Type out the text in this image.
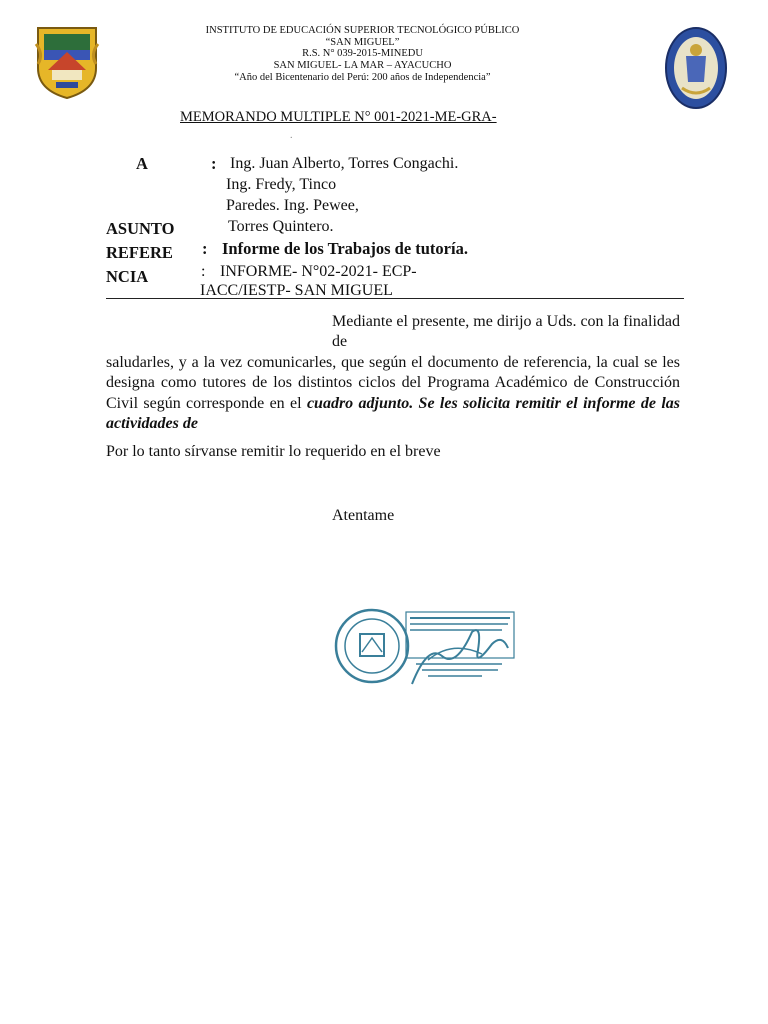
INSTITUTO DE EDUCACIÓN SUPERIOR TECNOLÓGICO PÚBLICO
“SAN MIGUEL”
R.S. N° 039-2015-MINEDU
SAN MIGUEL- LA MAR – AYACUCHO
“Año del Bicentenario del Perú: 200 años de Independencia”
MEMORANDO MULTIPLE N° 001-2021-ME-GRA-
.
A	: Ing. Juan Alberto, Torres Congachi.
Ing. Fredy, Tinco
Paredes. Ing. Pewee,
Torres Quintero.
ASUNTO
: Informe de los Trabajos de tutoría.
REFERE
NCIA	: INFORME- N°02-2021- ECP-
IACC/IESTP- SAN MIGUEL
Mediante el presente, me dirijo a Uds. con la finalidad de
saludarles, y a la vez comunicarles, que según el documento de referencia, la cual se les designa como tutores de los distintos ciclos del Programa Académico de Construcción Civil según corresponde en el cuadro adjunto. Se les solicita remitir el informe de las actividades de
Por lo tanto sírvanse remitir lo requerido en el breve
Atentame
